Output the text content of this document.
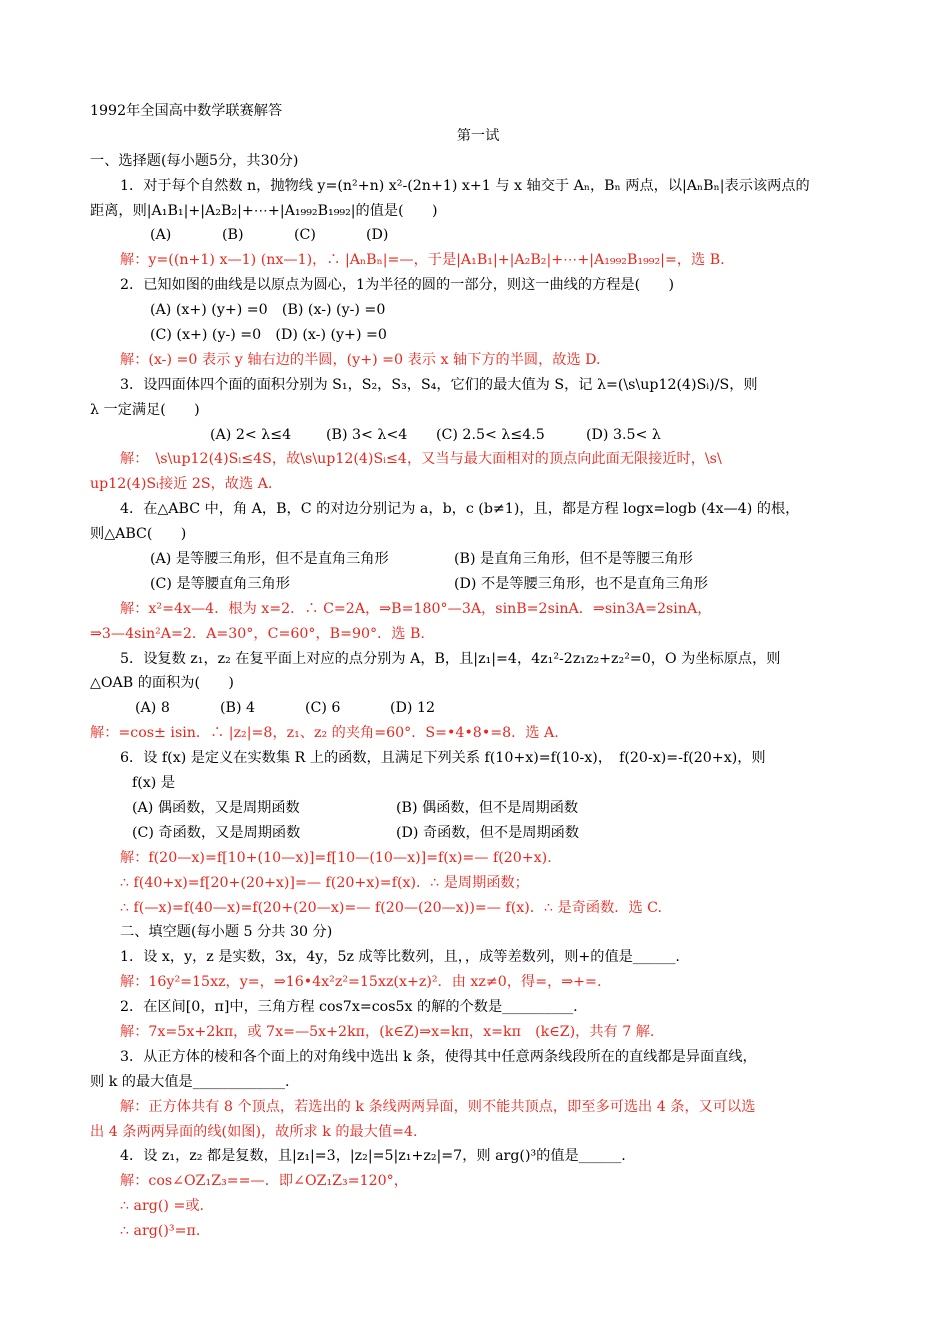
1992年全国高中数学联赛解答
第一试
一、选择题(每小题5分，共30分)
1．对于每个自然数 n，抛物线 y=(n²+n) x²-(2n+1) x+1 与 x 轴交于 Aₙ，Bₙ 两点，以|AₙBₙ|表示该两点的
距离，则|A₁B₁|+|A₂B₂|+⋯+|A₁₉₉₂B₁₉₉₂|的值是(　　)
(A)	(B)	(C)	(D)
解：y=((n+1) x—1) (nx—1)，∴ |AₙBₙ|=—，于是|A₁B₁|+|A₂B₂|+⋯+|A₁₉₉₂B₁₉₉₂|=，选 B.
2．已知如图的曲线是以原点为圆心，1为半径的圆的一部分，则这一曲线的方程是(　　)
(A) (x+) (y+) =0　 (B) (x-) (y-) =0
(C) (x+) (y-) =0　 (D) (x-) (y+) =0
解：(x-) =0 表示 y 轴右边的半圆，(y+) =0 表示 x 轴下方的半圆，故选 D.
3．设四面体四个面的面积分别为 S₁，S₂，S₃，S₄，它们的最大值为 S，记 λ=(\s\up12(4)Sᵢ)/S，则
λ 一定满足(　　)
(A) 2< λ≤4	(B) 3< λ<4	(C) 2.5< λ≤4.5	(D) 3.5< λ
解：　\s\up12(4)Sᵢ≤4S，故\s\up12(4)Sᵢ≤4，又当与最大面相对的顶点向此面无限接近时，\s\
up12(4)Sᵢ接近 2S，故选 A.
4．在△ABC 中，角 A，B，C 的对边分别记为 a，b，c (b≠1)，且，都是方程 logx=logb (4x—4) 的根，
则△ABC(　　)
(A) 是等腰三角形，但不是直角三角形	(B) 是直角三角形，但不是等腰三角形
(C) 是等腰直角三角形	(D) 不是等腰三角形，也不是直角三角形
解：x²=4x—4．根为 x=2．∴ C=2A，⇒B=180°—3A，sinB=2sinA．⇒sin3A=2sinA，
⇒3—4sin²A=2．A=30°，C=60°，B=90°．选 B.
5．设复数 z₁，z₂ 在复平面上对应的点分别为 A，B，且|z₁|=4，4z₁²-2z₁z₂+z₂²=0，O 为坐标原点，则
△OAB 的面积为(　　)
(A) 8	(B) 4	(C) 6	(D) 12
解：=cos± isin．∴ |z₂|=8，z₁、z₂ 的夹角=60°．S=•4•8•=8．选 A.
6．设 f(x) 是定义在实数集 R 上的函数，且满足下列关系 f(10+x)=f(10-x)，　f(20-x)=-f(20+x)，则
f(x) 是
(A) 偶函数，又是周期函数	(B) 偶函数，但不是周期函数
(C) 奇函数，又是周期函数	(D) 奇函数，但不是周期函数
解：f(20—x)=f[10+(10—x)]=f[10—(10—x)]=f(x)=— f(20+x).
∴ f(40+x)=f[20+(20+x)]=— f(20+x)=f(x)．∴ 是周期函数；
∴ f(—x)=f(40—x)=f(20+(20—x)=— f(20—(20—x))=— f(x)．∴ 是奇函数．选 C.
二、填空题(每小题 5 分共 30 分)
1．设 x，y，z 是实数，3x，4y，5z 成等比数列，且，，成等差数列，则+的值是______.
解：16y²=15xz，y=，⇒16•4x²z²=15xz(x+z)²．由 xz≠0，得=，⇒+=.
2．在区间[0，π]中，三角方程 cos7x=cos5x 的解的个数是__________.
解：7x=5x+2kπ，或 7x=—5x+2kπ，(k∈Z)⇒x=kπ，x=kπ　(k∈Z)，共有 7 解.
3．从正方体的棱和各个面上的对角线中选出 k 条，使得其中任意两条线段所在的直线都是异面直线，
则 k 的最大值是_____________.
解：正方体共有 8 个顶点，若选出的 k 条线两两异面，则不能共顶点，即至多可选出 4 条，又可以选
出 4 条两两异面的线(如图)，故所求 k 的最大值=4.
4．设 z₁，z₂ 都是复数，且|z₁|=3，|z₂|=5|z₁+z₂|=7，则 arg()³的值是______.
解：cos∠OZ₁Z₃==—．即∠OZ₁Z₃=120°，
∴ arg() =或.
∴ arg()³=π.
